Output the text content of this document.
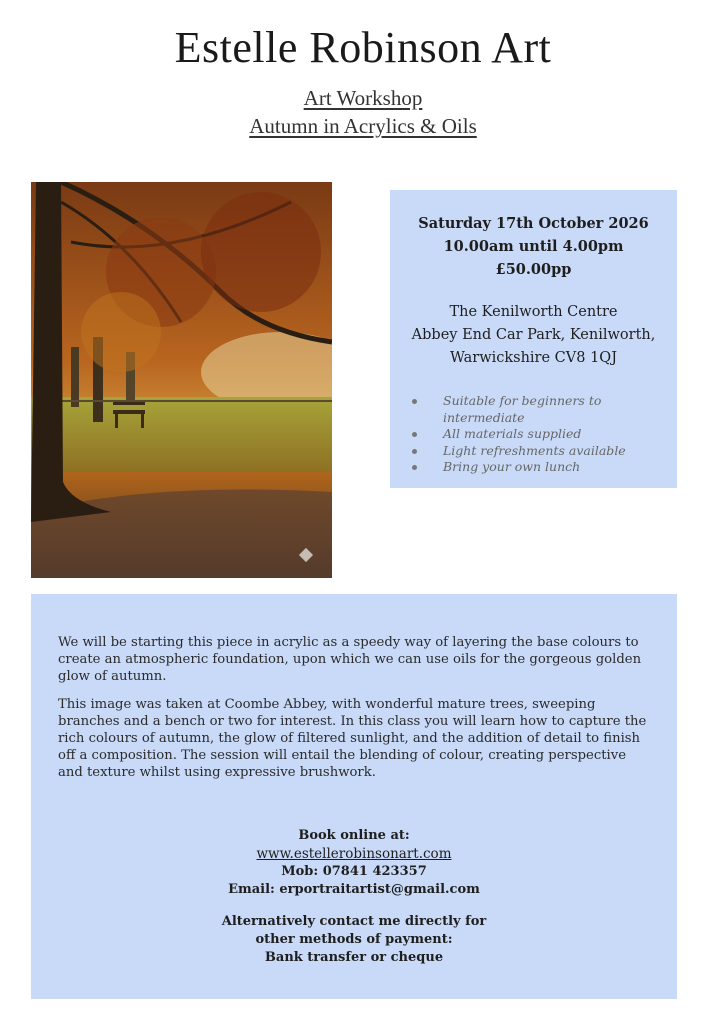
Estelle Robinson Art
Art Workshop
Autumn in Acrylics & Oils
Saturday 17th October 2026
10.00am until 4.00pm
£50.00pp
The Kenilworth Centre
Abbey End Car Park, Kenilworth,
Warwickshire CV8 1QJ
Suitable for beginners to intermediate
All materials supplied
Light refreshments available
Bring your own lunch

We will be starting this piece in acrylic as a speedy way of layering the base colours to create an atmospheric foundation, upon which we can use oils for the gorgeous golden glow of autumn.

This image was taken at Coombe Abbey, with wonderful mature trees, sweeping branches and a bench or two for interest. In this class you will learn how to capture the rich colours of autumn, the glow of filtered sunlight, and the addition of detail to finish off a composition. The session will entail the blending of colour, creating perspective and texture whilst using expressive brushwork.

Book online at:
www.estellerobinsonart.com
Mob: 07841 423357
Email: erportraitartist@gmail.com
Alternatively contact me directly for
other methods of payment:
Bank transfer or cheque
